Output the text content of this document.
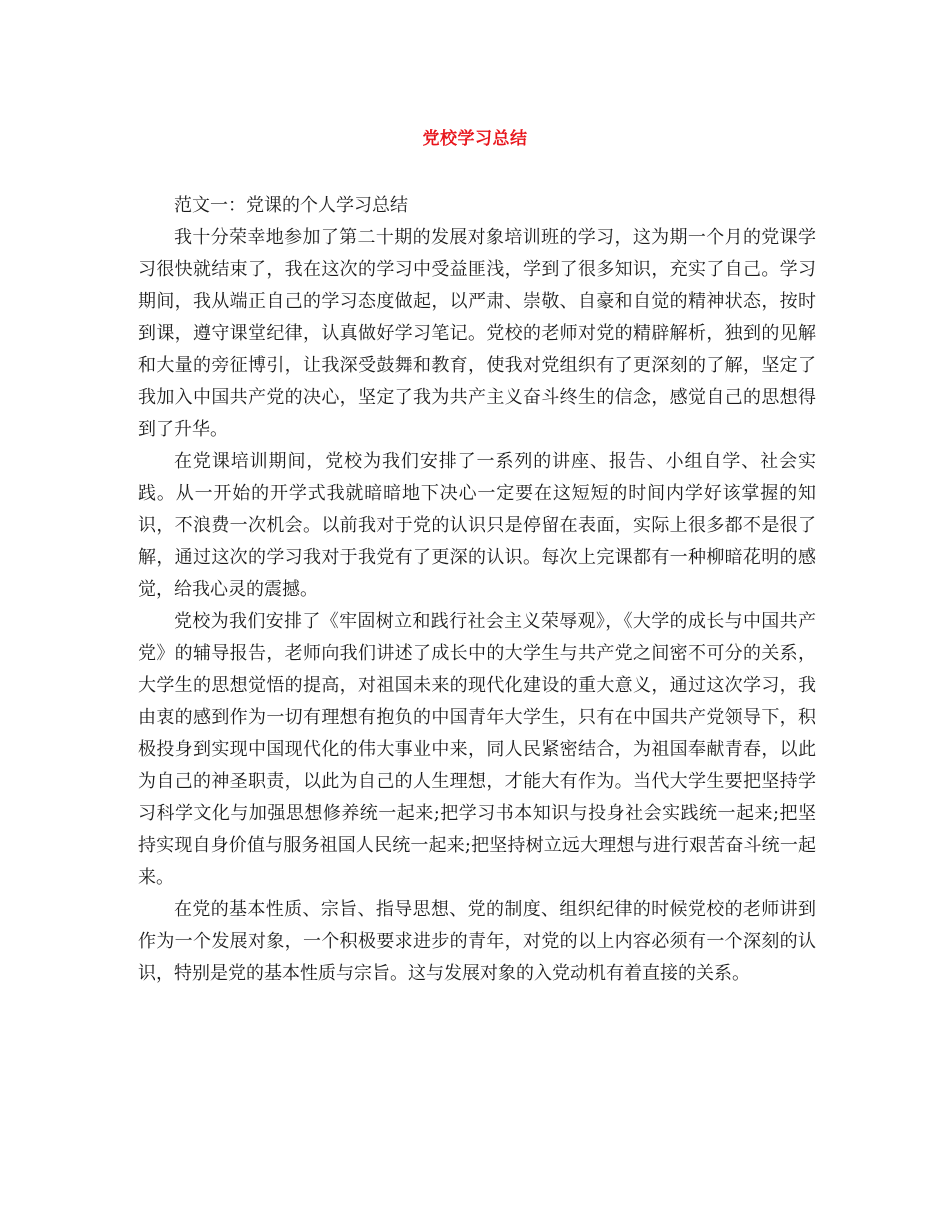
党校学习总结

范文一：党课的个人学习总结

我十分荣幸地参加了第二十期的发展对象培训班的学习，这为期一个月的党课学习很快就结束了，我在这次的学习中受益匪浅，学到了很多知识，充实了自己。学习期间，我从端正自己的学习态度做起，以严肃、崇敬、自豪和自觉的精神状态，按时到课，遵守课堂纪律，认真做好学习笔记。党校的老师对党的精辟解析，独到的见解和大量的旁征博引，让我深受鼓舞和教育，使我对党组织有了更深刻的了解，坚定了我加入中国共产党的决心，坚定了我为共产主义奋斗终生的信念，感觉自己的思想得到了升华。

在党课培训期间，党校为我们安排了一系列的讲座、报告、小组自学、社会实践。从一开始的开学式我就暗暗地下决心一定要在这短短的时间内学好该掌握的知识，不浪费一次机会。以前我对于党的认识只是停留在表面，实际上很多都不是很了解，通过这次的学习我对于我党有了更深的认识。每次上完课都有一种柳暗花明的感觉，给我心灵的震撼。

党校为我们安排了《牢固树立和践行社会主义荣辱观》，《大学的成长与中国共产党》的辅导报告，老师向我们讲述了成长中的大学生与共产党之间密不可分的关系，大学生的思想觉悟的提高，对祖国未来的现代化建设的重大意义，通过这次学习，我由衷的感到作为一切有理想有抱负的中国青年大学生，只有在中国共产党领导下，积极投身到实现中国现代化的伟大事业中来，同人民紧密结合，为祖国奉献青春，以此为自己的神圣职责，以此为自己的人生理想，才能大有作为。当代大学生要把坚持学习科学文化与加强思想修养统一起来;把学习书本知识与投身社会实践统一起来;把坚持实现自身价值与服务祖国人民统一起来;把坚持树立远大理想与进行艰苦奋斗统一起来。

在党的基本性质、宗旨、指导思想、党的制度、组织纪律的时候党校的老师讲到作为一个发展对象，一个积极要求进步的青年，对党的以上内容必须有一个深刻的认识，特别是党的基本性质与宗旨。这与发展对象的入党动机有着直接的关系。
